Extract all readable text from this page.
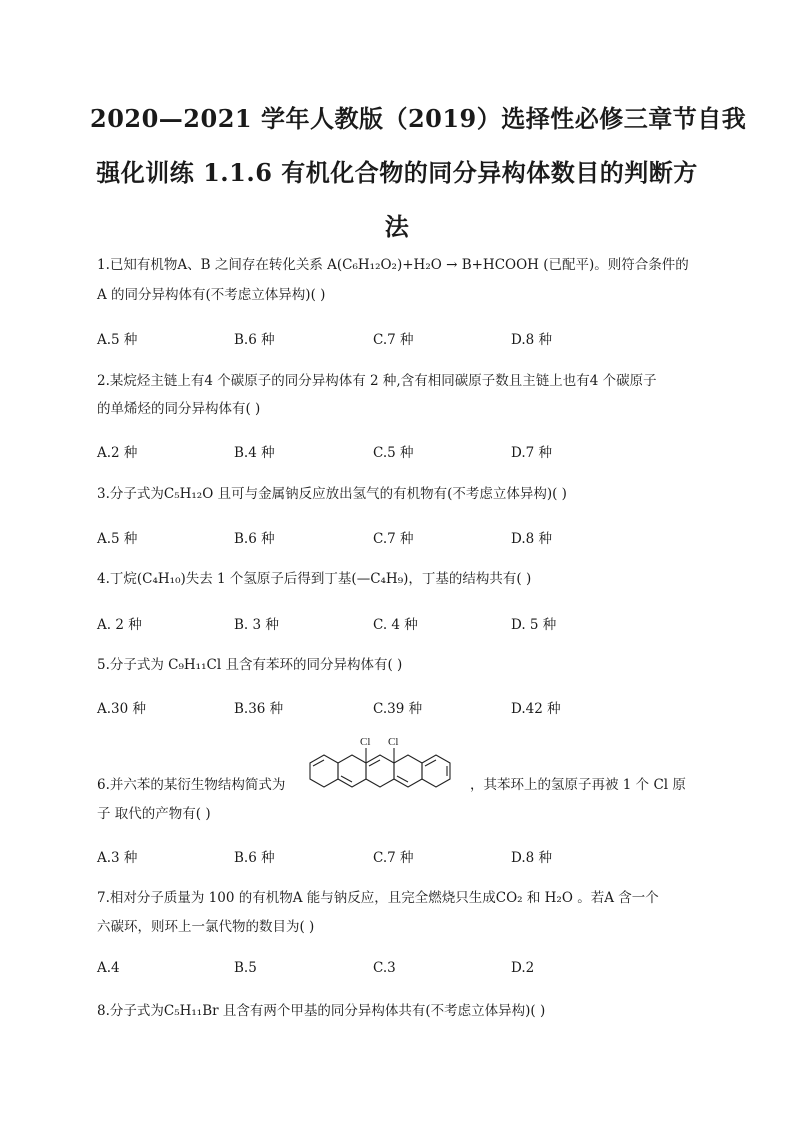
2020—2021 学年人教版（2019）选择性必修三章节自我
强化训练 1.1.6 有机化合物的同分异构体数目的判断方
法
1.已知有机物A、B 之间存在转化关系 A(C₆H₁₂O₂)+H₂O → B+HCOOH (已配平)。则符合条件的
A 的同分异构体有(不考虑立体异构)( )
A.5 种	B.6 种	C.7 种	D.8 种
2.某烷烃主链上有4 个碳原子的同分异构体有 2 种,含有相同碳原子数且主链上也有4 个碳原子
的单烯烃的同分异构体有( )
A.2 种	B.4 种	C.5 种	D.7 种
3.分子式为C₅H₁₂O 且可与金属钠反应放出氢气的有机物有(不考虑立体异构)( )
A.5 种	B.6 种	C.7 种	D.8 种
4.丁烷(C₄H₁₀)失去 1 个氢原子后得到丁基(—C₄H₉)，丁基的结构共有( )
A. 2 种	B. 3 种	C. 4 种	D. 5 种
5.分子式为 C₉H₁₁Cl 且含有苯环的同分异构体有( )
A.30 种	B.36 种	C.39 种	D.42 种
6.并六苯的某衍生物结构简式为
Cl Cl
，其苯环上的氢原子再被 1 个 Cl 原
子 取代的产物有( )
A.3 种	B.6 种	C.7 种	D.8 种
7.相对分子质量为 100 的有机物A 能与钠反应，且完全燃烧只生成CO₂ 和 H₂O 。若A 含一个
六碳环，则环上一氯代物的数目为( )
A.4	B.5	C.3	D.2
8.分子式为C₅H₁₁Br 且含有两个甲基的同分异构体共有(不考虑立体异构)( )
